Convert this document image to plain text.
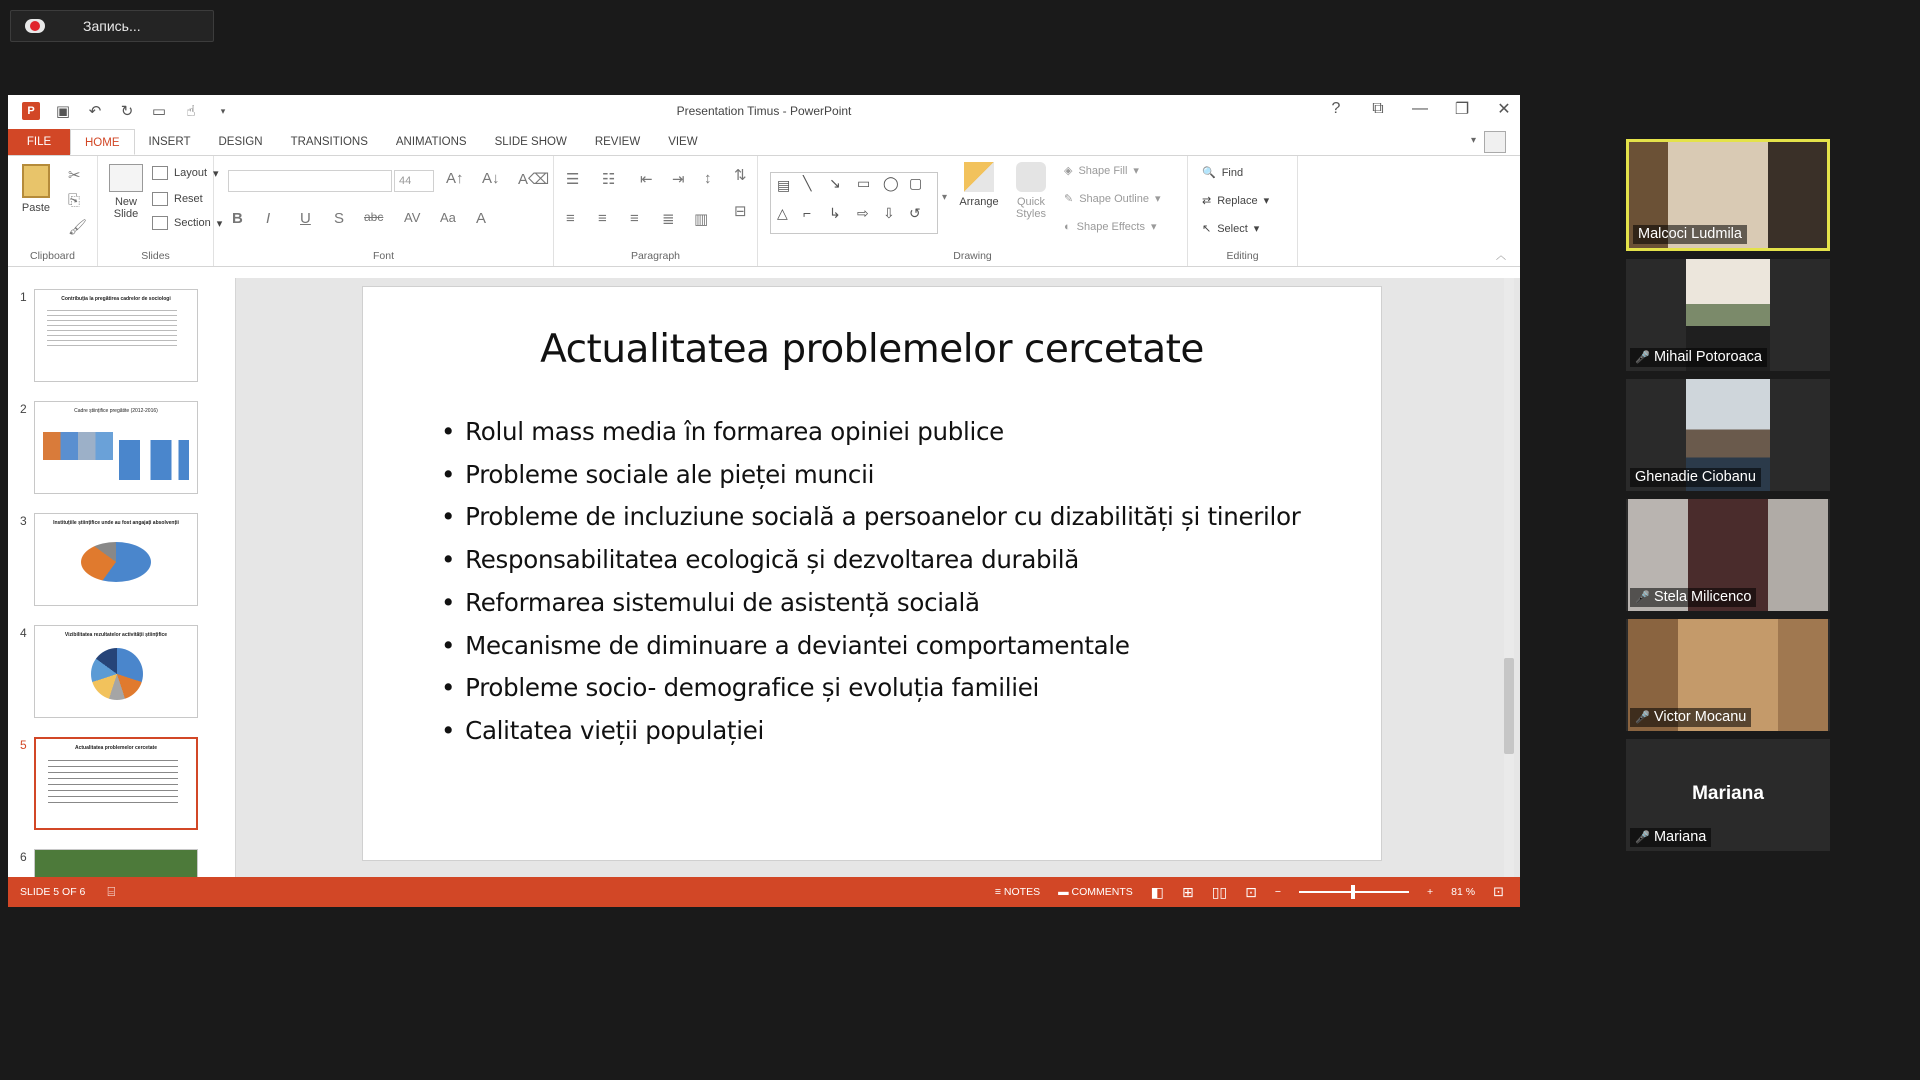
Запись...
P	▣ ↶ ↻ ▭ ☝	▾	Presentation Timus - PowerPoint	? ⧉ — ❐ ✕
FILE	HOME	INSERT	DESIGN	TRANSITIONS	ANIMATIONS	SLIDE SHOW	REVIEW	VIEW	▾
Paste
✂
⎘
🖌
Clipboard
New Slide
Layout ▾
Reset
Section ▾
Slides
44	A↑ A↓ A⌫
B I U S abc AV Aa A
Font
☰ ☷ ⇤ ⇥ ↕ ⇅
≡ ≡ ≡ ≣ ▥ ⊟
Paragraph
▤ ╲ ↘ ▭ ◯ ▢
△ ⌐ ↳ ⇨ ⇩ ↺
▾	Arrange	Quick Styles
◈ Shape Fill ▾
✎ Shape Outline ▾
◐ Shape Effects ▾
Drawing
🔍 Find
⇄ Replace ▾
↖ Select ▾
Editing	︿
1	Contribuția la pregătirea cadrelor de sociologi
2	Cadre științifice pregătite (2012-2016)
3	Instituțiile științifice unde au fost angajați absolvenții
4	Vizibilitatea rezultatelor activității științifice
5	Actualitatea problemelor cercetate
6
Actualitatea problemelor cercetate
• Rolul mass media în formarea opiniei publice
• Probleme sociale ale pieței muncii
• Probleme de incluziune socială a persoanelor cu dizabilități și tinerilor
• Responsabilitatea ecologică și dezvoltarea durabilă
• Reformarea sistemului de asistență socială
• Mecanisme de diminuare a deviantei comportamentale
• Probleme socio- demografice și evoluția familiei
• Calitatea vieții populației
SLIDE 5 OF 6 ⌸	≡ NOTES ▬ COMMENTS ◧ ⊞ ▯▯ ⊡ −	+ 81 % ⊡
Malcoci Ludmila
🎤 Mihail Potoroaca
Ghenadie Ciobanu
🎤 Stela Milicenco
🎤 Victor Mocanu
Mariana
🎤 Mariana
